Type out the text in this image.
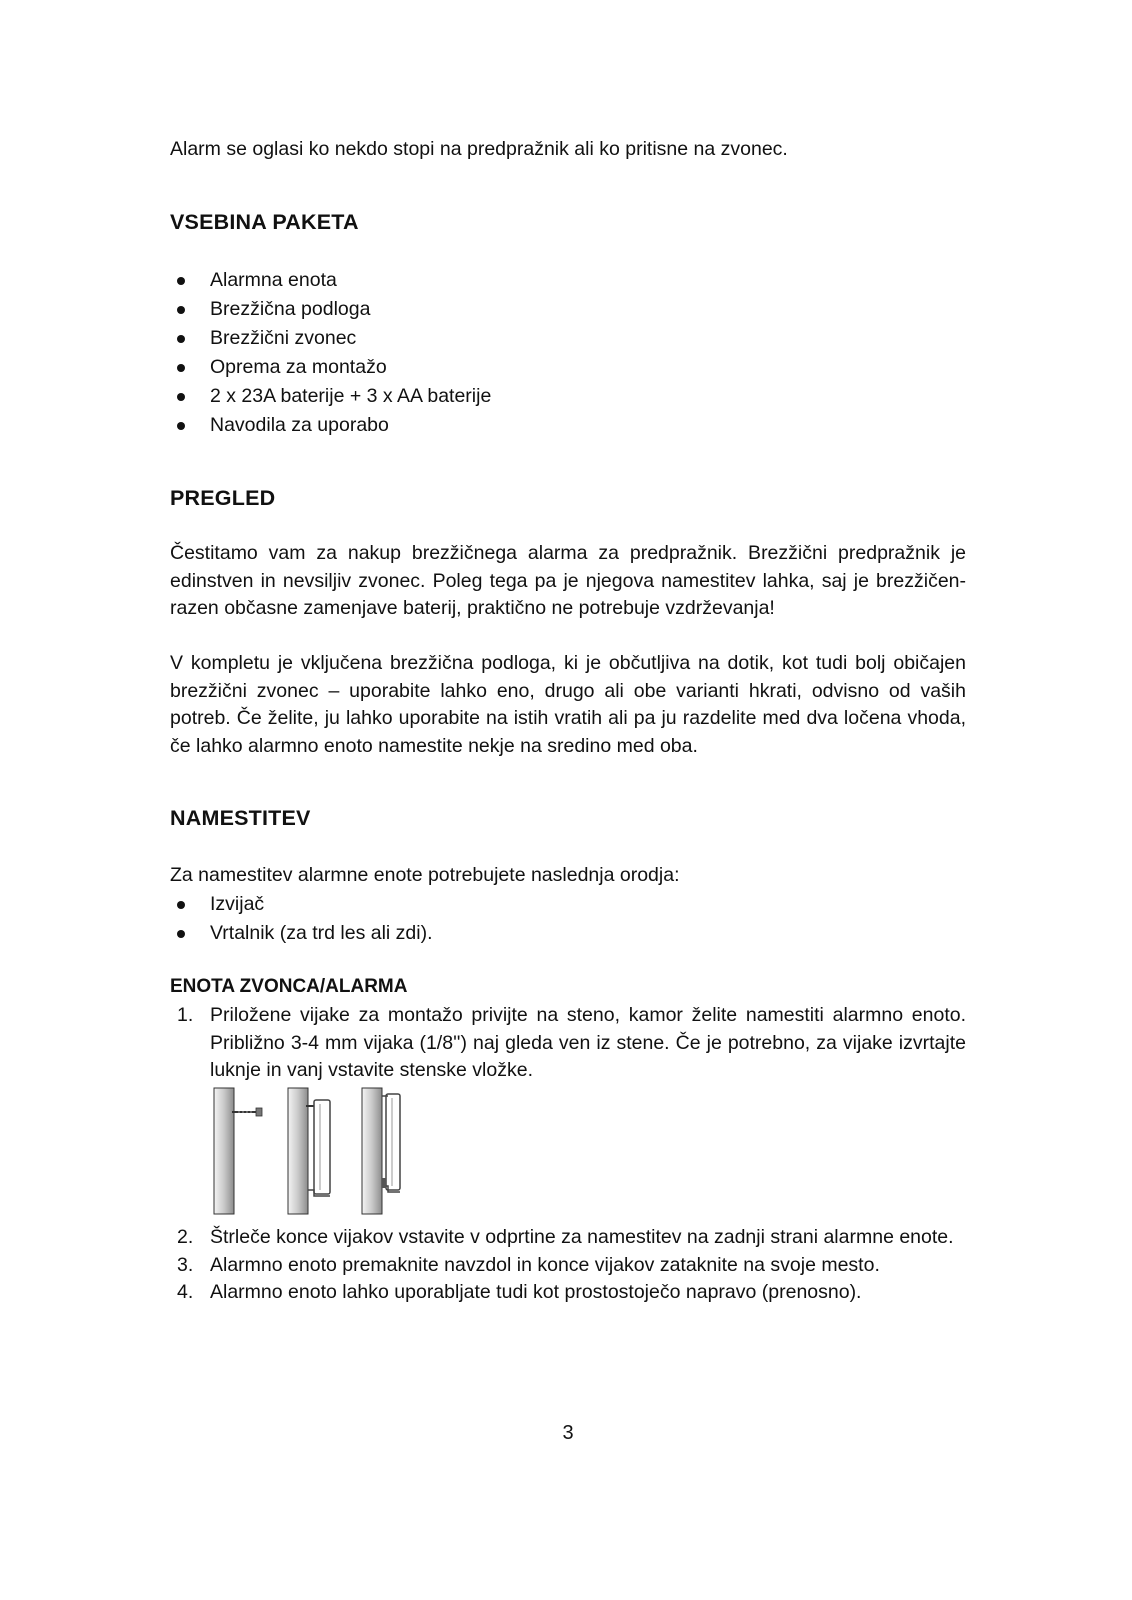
Alarm se oglasi ko nekdo stopi na predpražnik ali ko pritisne na zvonec.

VSEBINA PAKETA
Alarmna enota
Brezžična podloga
Brezžični zvonec
Oprema za montažo
2 x 23A baterije + 3 x AA baterije
Navodila za uporabo
PREGLED

Čestitamo vam za nakup brezžičnega alarma za predpražnik. Brezžični predpražnik je edinstven in nevsiljiv zvonec. Poleg tega pa je njegova namestitev lahka, saj je brezžičen- razen občasne zamenjave baterij, praktično ne potrebuje vzdrževanja!

V kompletu je vključena brezžična podloga, ki je občutljiva na dotik, kot tudi bolj običajen brezžični zvonec – uporabite lahko eno, drugo ali obe varianti hkrati, odvisno od vaših potreb. Če želite, ju lahko uporabite na istih vratih ali pa ju razdelite med dva ločena vhoda, če lahko alarmno enoto namestite nekje na sredino med oba.

NAMESTITEV

Za namestitev alarmne enote potrebujete naslednja orodja:

Izvijač
Vrtalnik (za trd les ali zdi).
ENOTA ZVONCA/ALARMA
1. Priložene vijake za montažo privijte na steno, kamor želite namestiti alarmno enoto. Približno 3-4 mm vijaka (1/8'') naj gleda ven iz stene. Če je potrebno, za vijake izvrtajte luknje in vanj vstavite stenske vložke.
2. Štrleče konce vijakov vstavite v odprtine za namestitev na zadnji strani alarmne enote.
3. Alarmno enoto premaknite navzdol in konce vijakov zataknite na svoje mesto.
4. Alarmno enoto lahko uporabljate tudi kot prostostoječo napravo (prenosno).
3
